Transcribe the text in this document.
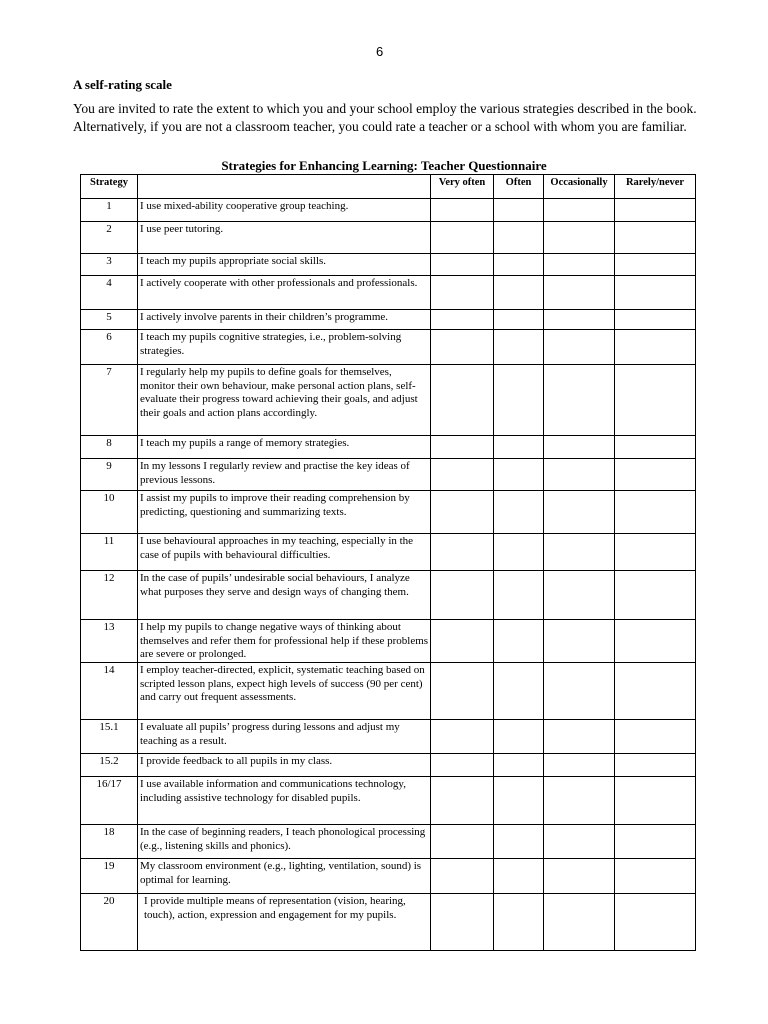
6
A self-rating scale
You are invited to rate the extent to which you and your school employ the various strategies described in the book. Alternatively, if you are not a classroom teacher, you could rate a teacher or a school with whom you are familiar.
Strategies for Enhancing Learning: Teacher Questionnaire
Strategy		Very often	Often	Occasionally	Rarely/never
1	I use mixed-ability cooperative group teaching.				
2	I use peer tutoring.				
3	I teach my pupils appropriate social skills.				
4	I actively cooperate with other professionals and professionals.				
5	I actively involve parents in their children’s programme.				
6	I teach my pupils cognitive strategies, i.e., problem-solving strategies.				
7	I regularly help my pupils to define goals for themselves, monitor their own behaviour, make personal action plans, self-evaluate their progress toward achieving their goals, and adjust their goals and action plans accordingly.				
8	I teach my pupils a range of memory strategies.				
9	In my lessons I regularly review and practise the key ideas of previous lessons.				
10	I assist my pupils to improve their reading comprehension by predicting, questioning and summarizing texts.				
11	I use behavioural approaches in my teaching, especially in the case of pupils with behavioural difficulties.				
12	In the case of pupils’ undesirable social behaviours, I analyze what purposes they serve and design ways of changing them.				
13	I help my pupils to change negative ways of thinking about themselves and refer them for professional help if these problems are severe or prolonged.				
14	I employ teacher-directed, explicit, systematic teaching based on scripted lesson plans, expect high levels of success (90 per cent) and carry out frequent assessments.				
15.1	I evaluate all pupils’ progress during lessons and adjust my teaching as a result.				
15.2	I provide feedback to all pupils in my class.				
16/17	I use available information and communications technology, including assistive technology for disabled pupils.				
18	In the case of beginning readers, I teach phonological processing (e.g., listening skills and phonics).				
19	My classroom environment (e.g., lighting, ventilation, sound) is optimal for learning.				
20	I provide multiple means of representation (vision, hearing, touch), action, expression and engagement for my pupils.				
